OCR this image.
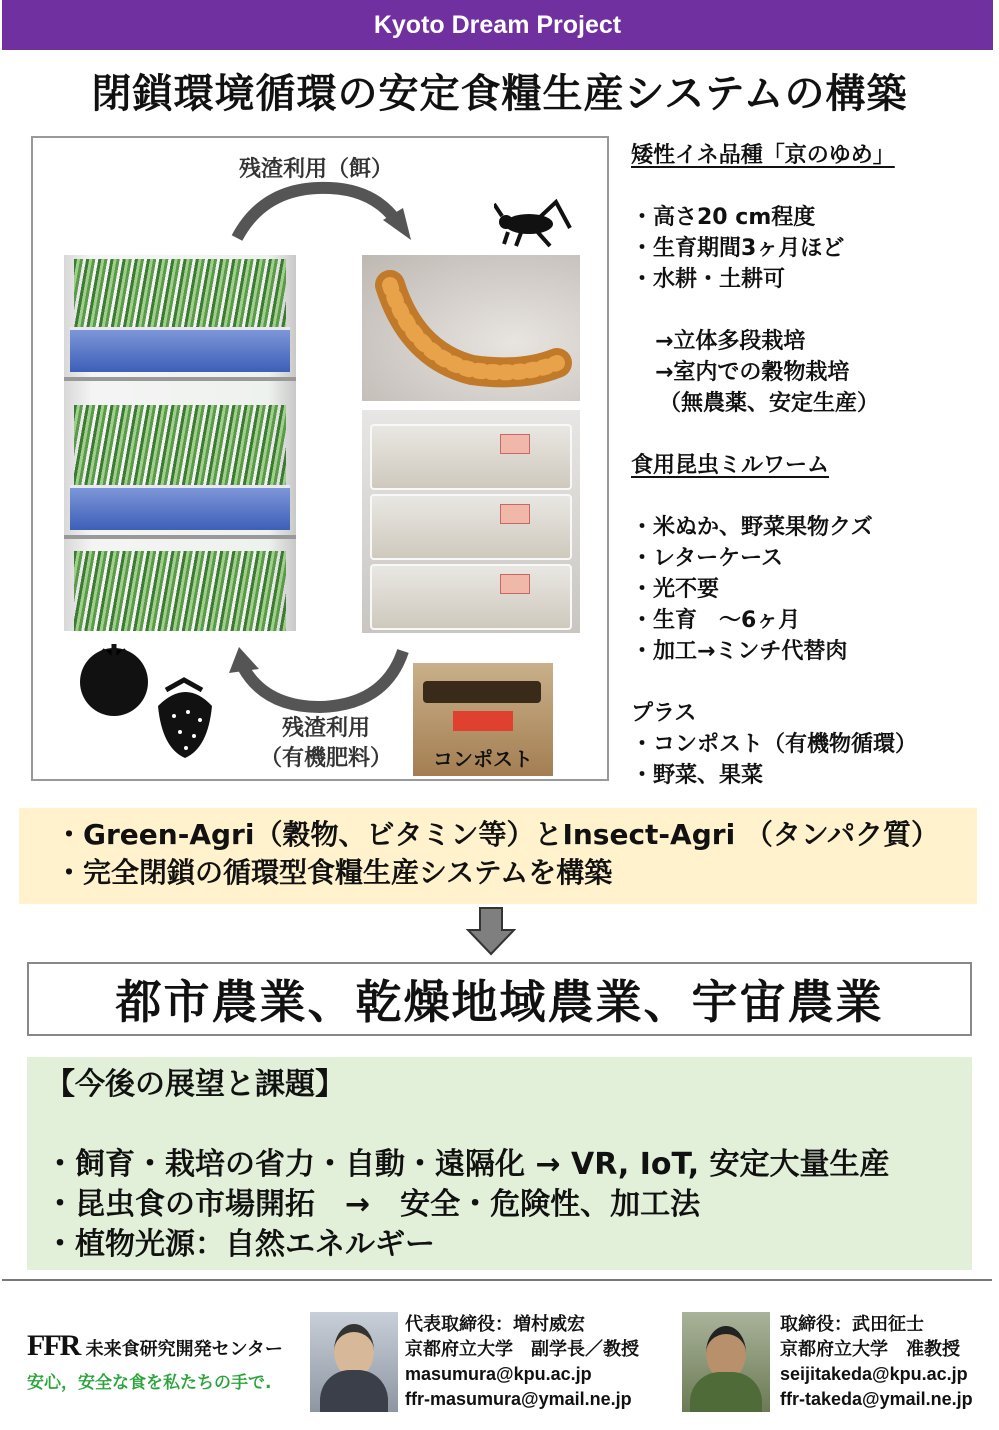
Kyoto Dream Project
閉鎖環境循環の安定食糧生産システムの構築
残渣利用（餌）
残渣利用
（有機肥料）	コンポスト
矮性イネ品種「京のゆめ」
・高さ20 cm程度
・生育期間3ヶ月ほど
・水耕・土耕可
→立体多段栽培
→室内での穀物栽培
（無農薬、安定生産）
食用昆虫ミルワーム
・米ぬか、野菜果物クズ
・レターケース
・光不要
・生育　～6ヶ月
・加工→ミンチ代替肉
プラス
・コンポスト（有機物循環）
・野菜、果菜
・Green-Agri（穀物、ビタミン等）とInsect-Agri （タンパク質）
・完全閉鎖の循環型食糧生産システムを構築
都市農業、乾燥地域農業、宇宙農業
【今後の展望と課題】
・飼育・栽培の省力・自動・遠隔化 → VR, IoT, 安定大量生産
・昆虫食の市場開拓　→　安全・危険性、加工法
・植物光源：自然エネルギー
FFR 未来食研究開発センター
安心，安全な食を私たちの手で.
代表取締役：増村威宏
京都府立大学　副学長／教授
masumura@kpu.ac.jp
ffr-masumura@ymail.ne.jp
取締役：武田征士
京都府立大学　准教授
seijitakeda@kpu.ac.jp
ffr-takeda@ymail.ne.jp
